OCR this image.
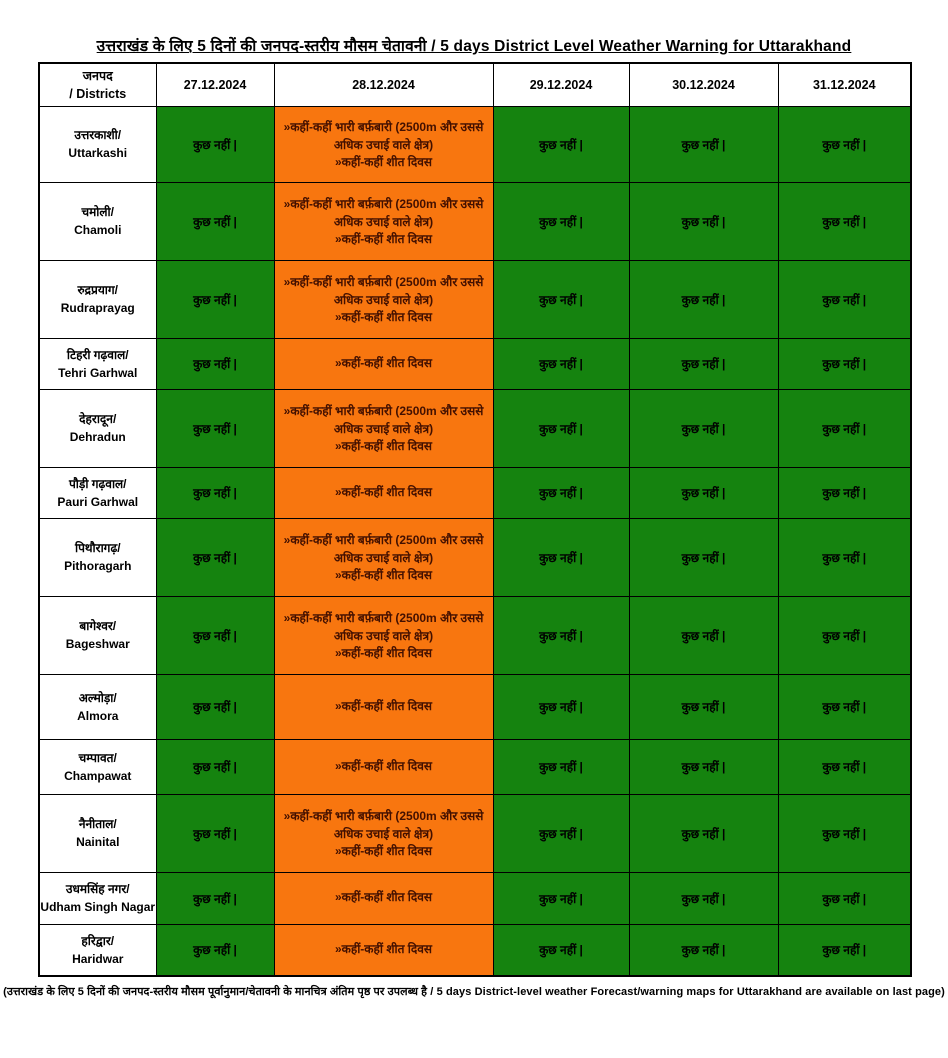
उत्तराखंड के लिए 5 दिनों की जनपद-स्तरीय मौसम चेतावनी / 5 days District Level Weather Warning for Uttarakhand
जनपद
/ Districts	27.12.2024	28.12.2024	29.12.2024	30.12.2024	31.12.2024

उत्तरकाशी/
Uttarkashi
	कुछ नहीं |	
»कहीं-कहीं भारी बर्फ़बारी (2500m और उससे अधिक उचाई वाले क्षेत्र)
»कहीं-कहीं शीत दिवस
	कुछ नहीं |	कुछ नहीं |	कुछ नहीं |

चमोली/
Chamoli
	कुछ नहीं |	
»कहीं-कहीं भारी बर्फ़बारी (2500m और उससे अधिक उचाई वाले क्षेत्र)
»कहीं-कहीं शीत दिवस
	कुछ नहीं |	कुछ नहीं |	कुछ नहीं |

रुद्रप्रयाग/
Rudraprayag
	कुछ नहीं |	
»कहीं-कहीं भारी बर्फ़बारी (2500m और उससे अधिक उचाई वाले क्षेत्र)
»कहीं-कहीं शीत दिवस
	कुछ नहीं |	कुछ नहीं |	कुछ नहीं |

टिहरी गढ़वाल/
Tehri Garhwal	कुछ नहीं |	»कहीं-कहीं शीत दिवस	कुछ नहीं |	कुछ नहीं |	कुछ नहीं |

देहरादून/
Dehradun
	कुछ नहीं |	
»कहीं-कहीं भारी बर्फ़बारी (2500m और उससे अधिक उचाई वाले क्षेत्र)
»कहीं-कहीं शीत दिवस
	कुछ नहीं |	कुछ नहीं |	कुछ नहीं |

पौड़ी गढ़वाल/
Pauri Garhwal	कुछ नहीं |	»कहीं-कहीं शीत दिवस	कुछ नहीं |	कुछ नहीं |	कुछ नहीं |

पिथौरागढ़/
Pithoragarh
	कुछ नहीं |	
»कहीं-कहीं भारी बर्फ़बारी (2500m और उससे अधिक उचाई वाले क्षेत्र)
»कहीं-कहीं शीत दिवस
	कुछ नहीं |	कुछ नहीं |	कुछ नहीं |

बागेश्वर/
Bageshwar
	कुछ नहीं |	
»कहीं-कहीं भारी बर्फ़बारी (2500m और उससे अधिक उचाई वाले क्षेत्र)
»कहीं-कहीं शीत दिवस
	कुछ नहीं |	कुछ नहीं |	कुछ नहीं |

अल्मोड़ा/
Almora	कुछ नहीं |	»कहीं-कहीं शीत दिवस	कुछ नहीं |	कुछ नहीं |	कुछ नहीं |

चम्पावत/
Champawat	कुछ नहीं |	»कहीं-कहीं शीत दिवस	कुछ नहीं |	कुछ नहीं |	कुछ नहीं |

नैनीताल/
Nainital
	कुछ नहीं |	
»कहीं-कहीं भारी बर्फ़बारी (2500m और उससे अधिक उचाई वाले क्षेत्र)
»कहीं-कहीं शीत दिवस
	कुछ नहीं |	कुछ नहीं |	कुछ नहीं |

उधमसिंह नगर/
Udham Singh Nagar	कुछ नहीं |	»कहीं-कहीं शीत दिवस	कुछ नहीं |	कुछ नहीं |	कुछ नहीं |

हरिद्वार/
Haridwar	कुछ नहीं |	»कहीं-कहीं शीत दिवस	कुछ नहीं |	कुछ नहीं |	कुछ नहीं |
(उत्तराखंड के लिए 5 दिनों की जनपद-स्तरीय मौसम पूर्वानुमान/चेतावनी के मानचित्र अंतिम पृष्ठ पर उपलब्ध है / 5 days District-level weather Forecast/warning maps for Uttarakhand are available on last page)
